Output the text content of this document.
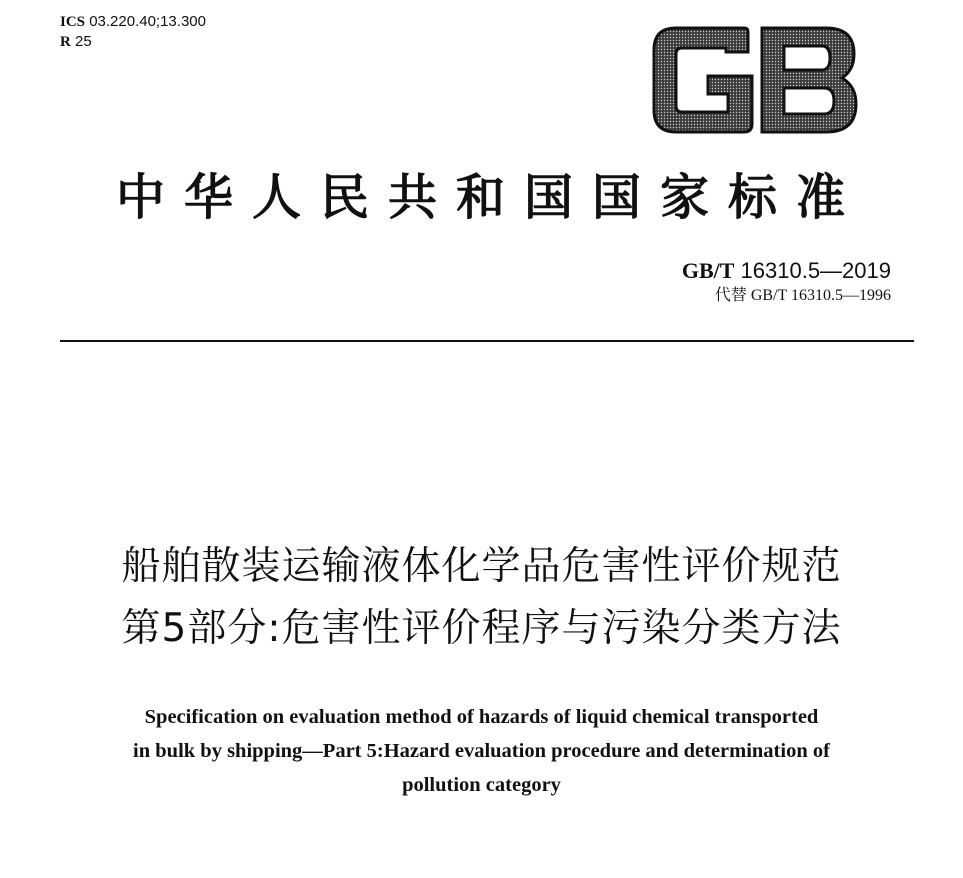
ICS 03.220.40;13.300
R 25
中华人民共和国国家标准
GB/T 16310.5—2019
代替 GB/T 16310.5—1996
船舶散装运输液体化学品危害性评价规范
第5部分:危害性评价程序与污染分类方法
Specification on evaluation method of hazards of liquid chemical transported
in bulk by shipping—Part 5:Hazard evaluation procedure and determination of
pollution category
